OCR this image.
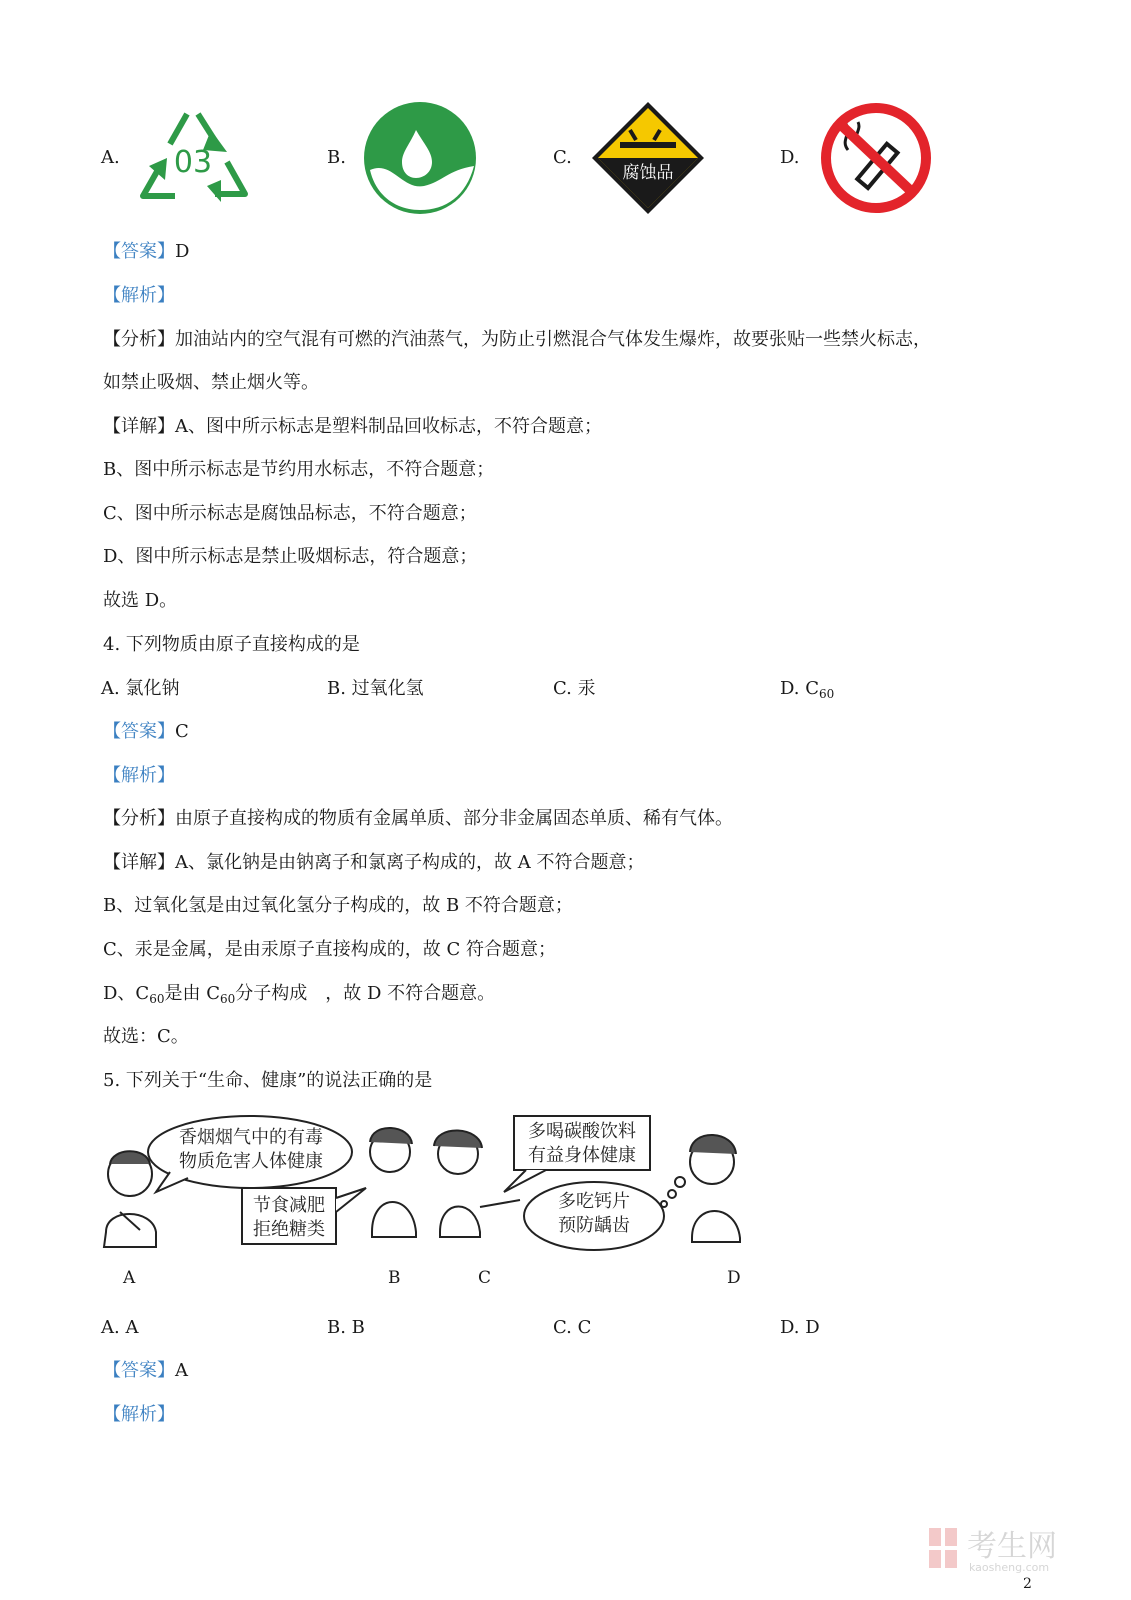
A. 03	B.	C.
腐蚀品
D.
【答案】D
【解析】
【分析】加油站内的空气混有可燃的汽油蒸气，为防止引燃混合气体发生爆炸，故要张贴一些禁火标志，
如禁止吸烟、禁止烟火等。
【详解】A、图中所示标志是塑料制品回收标志，不符合题意；
B、图中所示标志是节约用水标志，不符合题意；
C、图中所示标志是腐蚀品标志，不符合题意；
D、图中所示标志是禁止吸烟标志，符合题意；
故选 D。
4. 下列物质由原子直接构成的是
A. 氯化钠	B. 过氧化氢	C. 汞	D. $C_{60}$
【答案】C
【解析】
【分析】由原子直接构成的物质有金属单质、部分非金属固态单质、稀有气体。
【详解】A、氯化钠是由钠离子和氯离子构成的，故 A 不符合题意；
B、过氧化氢是由过氧化氢分子构成的，故 B 不符合题意；
C、汞是金属，是由汞原子直接构成的，故 C 符合题意；
D、$C_{60}$是由 $C_{60}$分子构成　，故 D 不符合题意。
故选：C。
5. 下列关于“生命、健康”的说法正确的是
香烟烟气中的有毒
物质危害人体健康
节食减肥
拒绝糖类
多喝碳酸饮料
有益身体健康
多吃钙片
预防龋齿
A	B	C	D
A. A	B. B	C. C	D. D
【答案】A
【解析】
考生网
kaosheng.com
2
